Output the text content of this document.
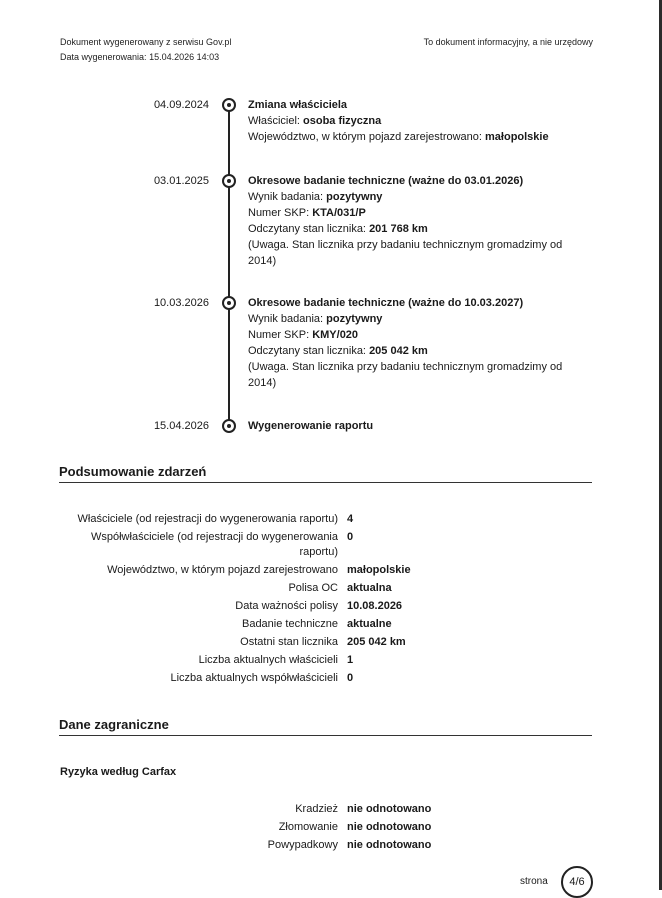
Dokument wygenerowany z serwisu Gov.pl
Data wygenerowania: 15.04.2026 14:03
To dokument informacyjny, a nie urzędowy
04.09.2024	Zmiana właściciela
Właściciel: osoba fizyczna
Województwo, w którym pojazd zarejestrowano: małopolskie
03.01.2025	Okresowe badanie techniczne (ważne do 03.01.2026)
Wynik badania: pozytywny
Numer SKP: KTA/031/P
Odczytany stan licznika: 201 768 km
(Uwaga. Stan licznika przy badaniu technicznym gromadzimy od 2014)
10.03.2026	Okresowe badanie techniczne (ważne do 10.03.2027)
Wynik badania: pozytywny
Numer SKP: KMY/020
Odczytany stan licznika: 205 042 km
(Uwaga. Stan licznika przy badaniu technicznym gromadzimy od 2014)
15.04.2026	Wygenerowanie raportu
Podsumowanie zdarzeń
Właściciele (od rejestracji do wygenerowania raportu) 4
Współwłaściciele (od rejestracji do wygenerowania raportu)
0
Województwo, w którym pojazd zarejestrowano małopolskie
Polisa OC aktualna
Data ważności polisy 10.08.2026
Badanie techniczne aktualne
Ostatni stan licznika 205 042 km
Liczba aktualnych właścicieli 1
Liczba aktualnych współwłaścicieli 0
Dane zagraniczne
Ryzyka według Carfax
Kradzież nie odnotowano
Złomowanie nie odnotowano
Powypadkowy nie odnotowano
strona	4/6
